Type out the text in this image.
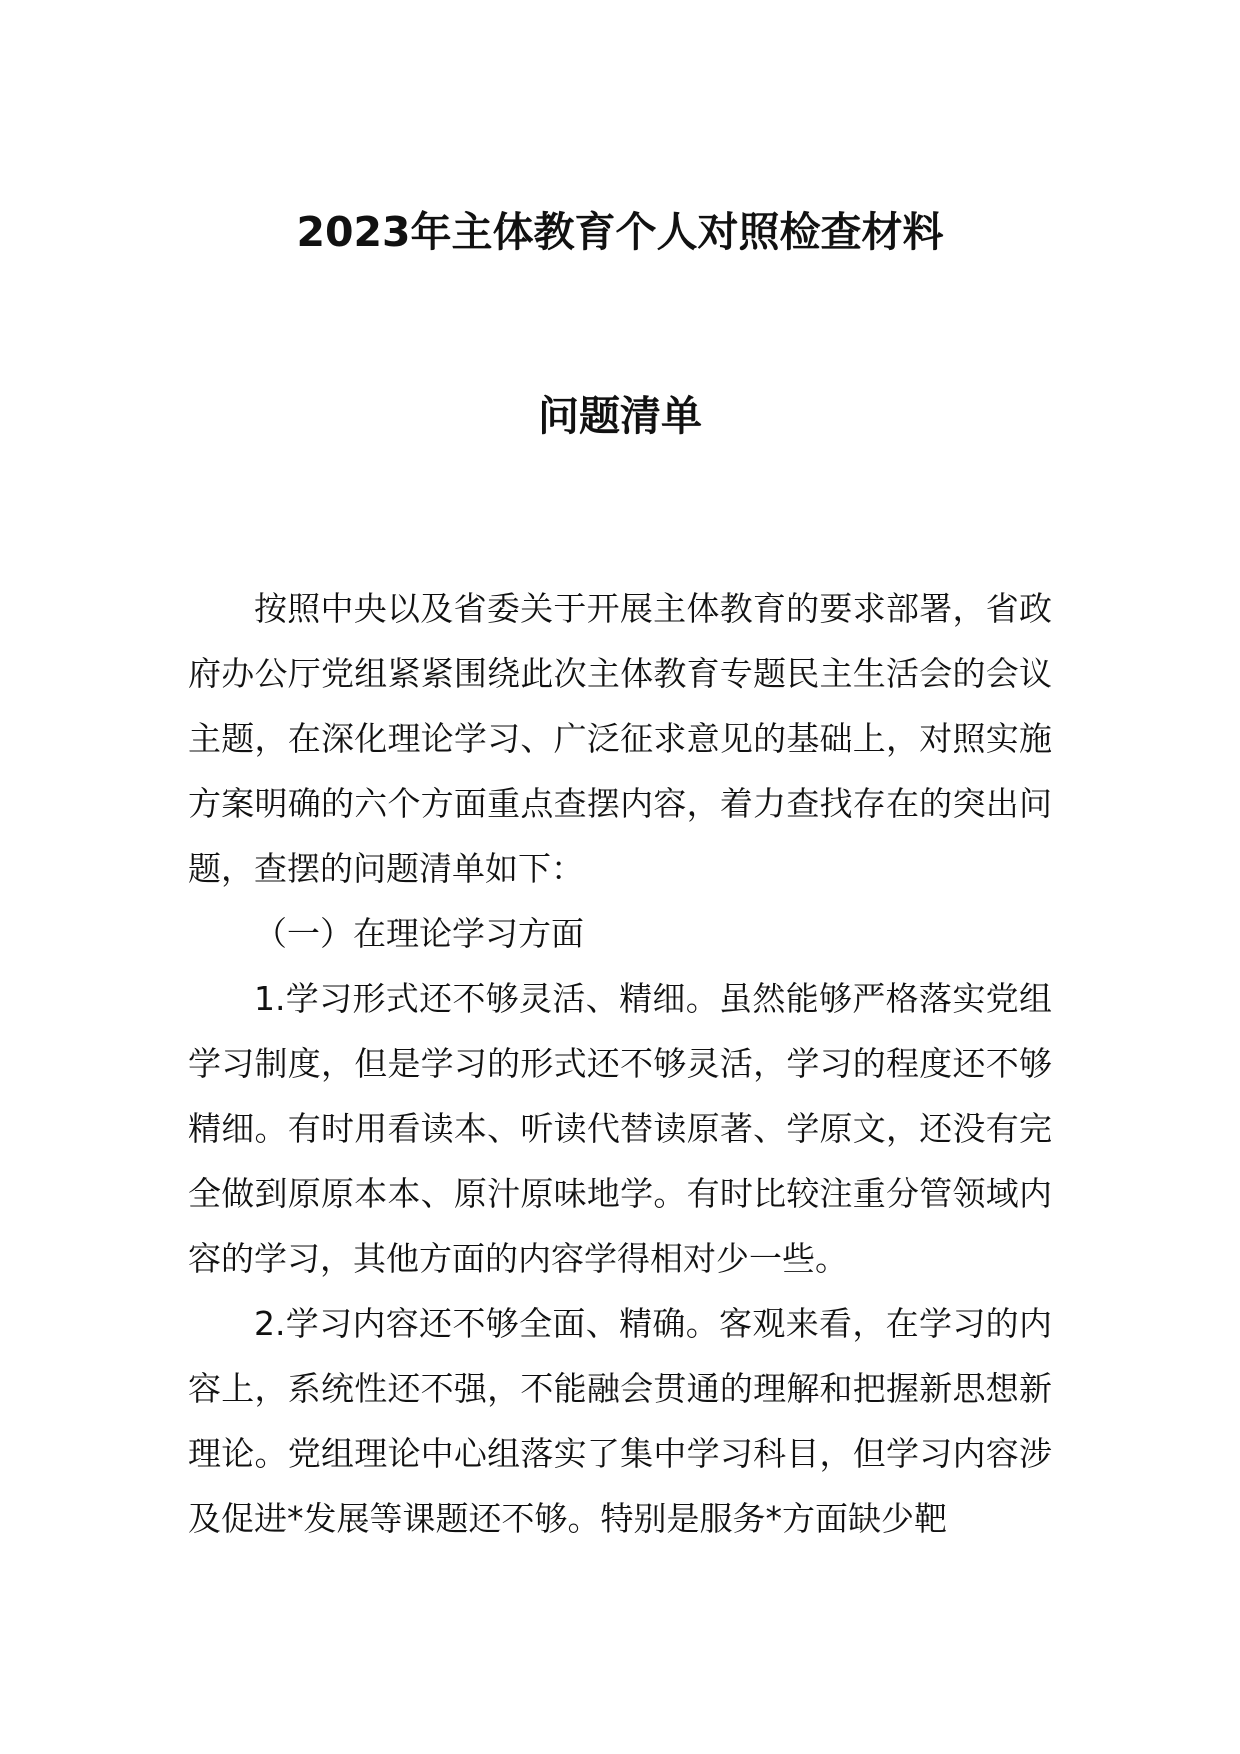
2023年主体教育个人对照检查材料
问题清单

按照中央以及省委关于开展主体教育的要求部署，省政府办公厅党组紧紧围绕此次主体教育专题民主生活会的会议主题，在深化理论学习、广泛征求意见的基础上，对照实施方案明确的六个方面重点查摆内容，着力查找存在的突出问题，查摆的问题清单如下：

（一）在理论学习方面

1.学习形式还不够灵活、精细。虽然能够严格落实党组学习制度，但是学习的形式还不够灵活，学习的程度还不够精细。有时用看读本、听读代替读原著、学原文，还没有完全做到原原本本、原汁原味地学。有时比较注重分管领域内容的学习，其他方面的内容学得相对少一些。

2.学习内容还不够全面、精确。客观来看，在学习的内容上，系统性还不强，不能融会贯通的理解和把握新思想新理论。党组理论中心组落实了集中学习科目，但学习内容涉及促进*发展等课题还不够。特别是服务*方面缺少靶
